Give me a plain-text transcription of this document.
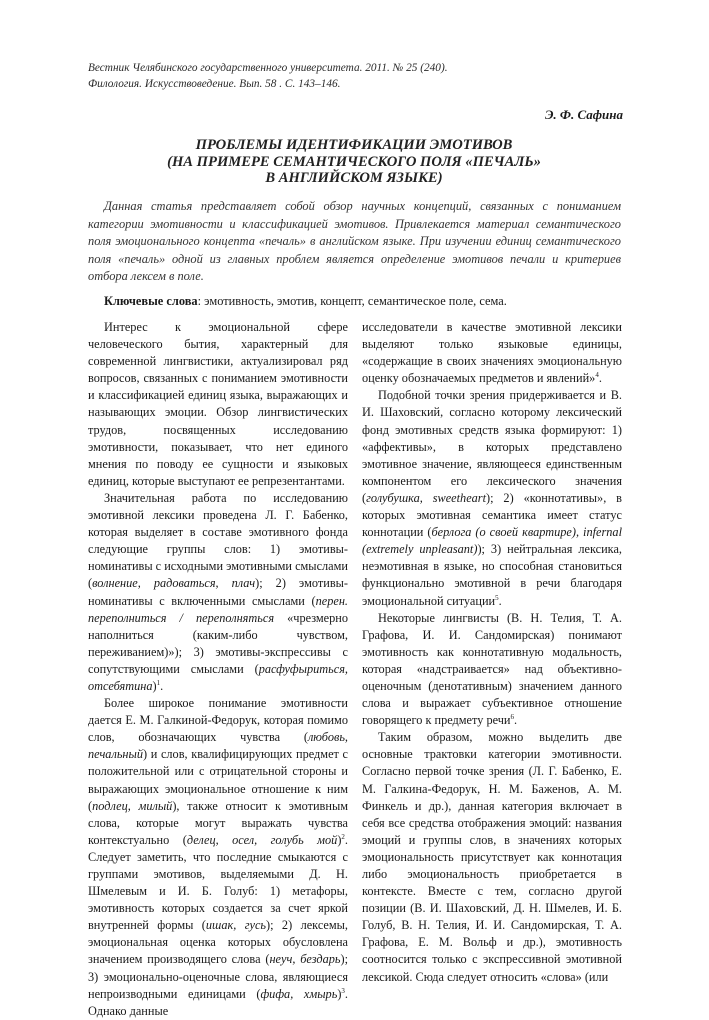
Вестник Челябинского государственного университета. 2011. № 25 (240).
Филология. Искусствоведение. Вып. 58 . С. 143–146.
Э. Ф. Сафина
ПРОБЛЕМЫ ИДЕНТИФИКАЦИИ ЭМОТИВОВ
(НА ПРИМЕРЕ СЕМАНТИЧЕСКОГО ПОЛЯ «ПЕЧАЛЬ»
В АНГЛИЙСКОМ ЯЗЫКЕ)
Данная статья представляет собой обзор научных концепций, связанных с пониманием категории эмотивности и классификацией эмотивов. Привлекается материал семантического поля эмоционального концепта «печаль» в английском языке. При изучении единиц семантического поля «печаль» одной из главных проблем является определение эмотивов печали и критериев отбора лексем в поле.
Ключевые слова: эмотивность, эмотив, концепт, семантическое поле, сема.

Интерес к эмоциональной сфере человеческого бытия, характерный для современной лингвистики, актуализировал ряд вопросов, связанных с пониманием эмотивности и классификацией единиц языка, выражающих и называющих эмоции. Обзор лингвистических трудов, посвященных исследованию эмотивности, показывает, что нет единого мнения по поводу ее сущности и языковых единиц, которые выступают ее репрезентантами.

Значительная работа по исследованию эмотивной лексики проведена Л. Г. Бабенко, которая выделяет в составе эмотивного фонда следующие группы слов: 1) эмотивы-номинативы с исходными эмотивными смыслами (волнение, радоваться, плач); 2) эмотивы-номинативы с включенными смыслами (перен. переполниться / переполняться «чрезмерно наполниться (каким-либо чувством, переживанием)»); 3) эмотивы-экспрессивы с сопутствующими смыслами (расфуфыриться, отсебятина)$^1$.

Более широкое понимание эмотивности дается Е. М. Галкиной-Федорук, которая помимо слов, обозначающих чувства (любовь, печальный) и слов, квалифицирующих предмет с положительной или с отрицательной стороны и выражающих эмоциональное отношение к ним (подлец, милый), также относит к эмотивным слова, которые могут выражать чувства контекстуально (делец, осел, голубь мой)$^2$. Следует заметить, что последние смыкаются с группами эмотивов, выделяемыми Д. Н. Шмелевым и И. Б. Голуб: 1) метафоры, эмотивность которых создается за счет яркой внутренней формы (ишак, гусь); 2) лексемы, эмоциональная оценка которых обусловлена значением производящего слова (неуч, бездарь); 3) эмоционально-оценочные слова, являющиеся непроизводными единицами (фифа, хмырь)$^3$. Однако данные

исследователи в качестве эмотивной лексики выделяют только языковые единицы, «содержащие в своих значениях эмоциональную оценку обозначаемых предметов и явлений»$^4$.

Подобной точки зрения придерживается и В. И. Шаховский, согласно которому лексический фонд эмотивных средств языка формируют: 1) «аффективы», в которых представлено эмотивное значение, являющееся единственным компонентом его лексического значения (голубушка, sweetheart); 2) «коннотативы», в которых эмотивная семантика имеет статус коннотации (берлога (о своей квартире), infernal (extremely unpleasant)); 3) нейтральная лексика, неэмотивная в языке, но способная становиться функционально эмотивной в речи благодаря эмоциональной ситуации$^5$.

Некоторые лингвисты (В. Н. Телия, Т. А. Графова, И. И. Сандомирская) понимают эмотивность как коннотативную модальность, которая «надстраивается» над объективно-оценочным (денотативным) значением данного слова и выражает субъективное отношение говорящего к предмету речи$^6$.

Таким образом, можно выделить две основные трактовки категории эмотивности. Согласно первой точке зрения (Л. Г. Бабенко, Е. М. Галкина-Федорук, Н. М. Баженов, А. М. Финкель и др.), данная категория включает в себя все средства отображения эмоций: названия эмоций и группы слов, в значениях которых эмоциональность присутствует как коннотация либо эмоциональность приобретается в контексте. Вместе с тем, согласно другой позиции (В. И. Шаховский, Д. Н. Шмелев, И. Б. Голуб, В. Н. Телия, И. И. Сандомирская, Т. А. Графова, Е. М. Вольф и др.), эмотивность соотносится только с экспрессивной эмотивной лексикой. Сюда следует относить «слова» (или
